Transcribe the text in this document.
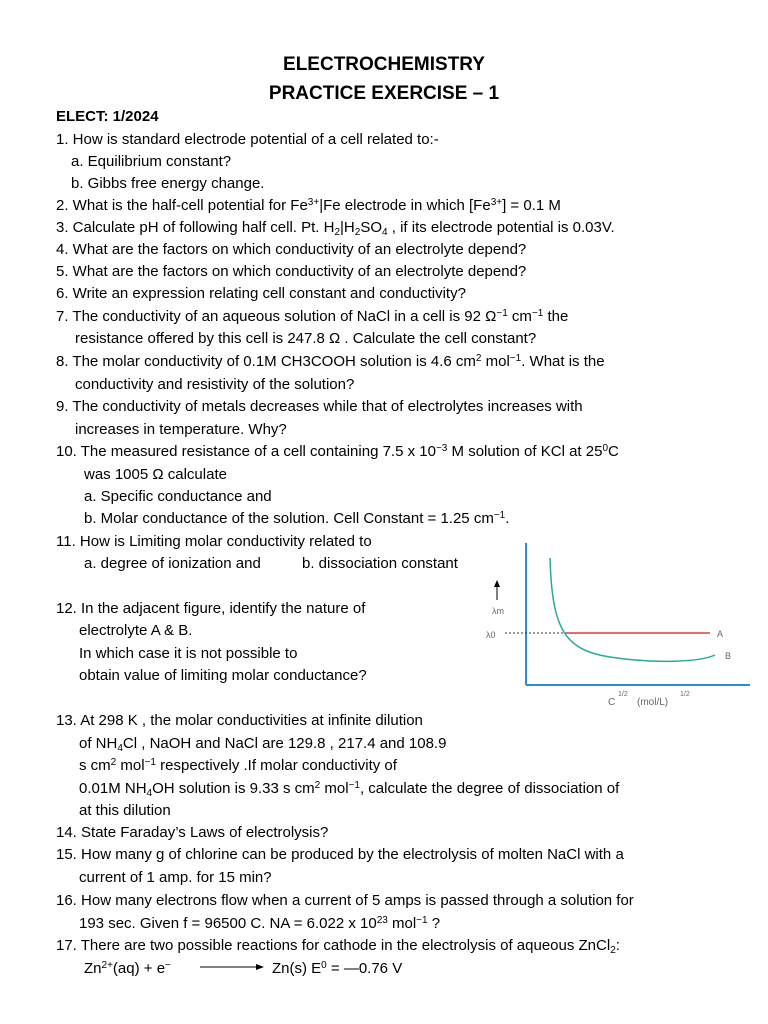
ELECTROCHEMISTRY
PRACTICE EXERCISE – 1
ELECT: 1/2024
1. How is standard electrode potential of a cell related to:-
a. Equilibrium constant?
b. Gibbs free energy change.
2. What is the half-cell potential for $Fe^{3+}|Fe$ electrode in which $[Fe^{3+}] = 0.1$ M
3. Calculate pH of following half cell. Pt. $H_2|H_2SO_4$ , if its electrode potential is 0.03V.
4. What are the factors on which conductivity of an electrolyte depend?
5. What are the factors on which conductivity of an electrolyte depend?
6. Write an expression relating cell constant and conductivity?
7. The conductivity of an aqueous solution of NaCl in a cell is 92 $\Omega^{-1}$ $cm^{-1}$ the
resistance offered by this cell is 247.8 Ω . Calculate the cell constant?
8. The molar conductivity of 0.1M CH3COOH solution is 4.6 $cm^2$ mol$^{-1}$. What is the
conductivity and resistivity of the solution?
9. The conductivity of metals decreases while that of electrolytes increases with
increases in temperature. Why?
10. The measured resistance of a cell containing 7.5 x $10^{-3}$ M solution of KCl at $25^0C$
was 1005 Ω calculate
a. Specific conductance and
b. Molar conductance of the solution. Cell Constant = 1.25 $cm^{-1}$.
11. How is Limiting molar conductivity related to
a. degree of ionization and	b. dissociation constant
12. In the adjacent figure, identify the nature of
electrolyte A & B.
In which case it is not possible to
obtain value of limiting molar conductance?
λm
λ0	A
B
C
1/2
(mol/L)
1/2
13. At 298 K , the molar conductivities at infinite dilution
of $NH_4Cl$ , NaOH and NaCl are 129.8 , 217.4 and 108.9
s $cm^2$ mol$^{-1}$ respectively .If molar conductivity of
0.01M $NH_4OH$ solution is 9.33 s $cm^2$ mol$^{-1}$, calculate the degree of dissociation of
at this dilution
14. State Faraday’s Laws of electrolysis?
15. How many g of chlorine can be produced by the electrolysis of molten NaCl with a
current of 1 amp. for 15 min?
16. How many electrons flow when a current of 5 amps is passed through a solution for
193 sec. Given f = 96500 C. NA = 6.022 x $10^{23}$ mol$^{-1}$ ?
17. There are two possible reactions for cathode in the electrolysis of aqueous ZnCl$_2$:
$Zn^{2+}(aq) + e^-$	Zn(s) $E^0$ = —0.76 V
